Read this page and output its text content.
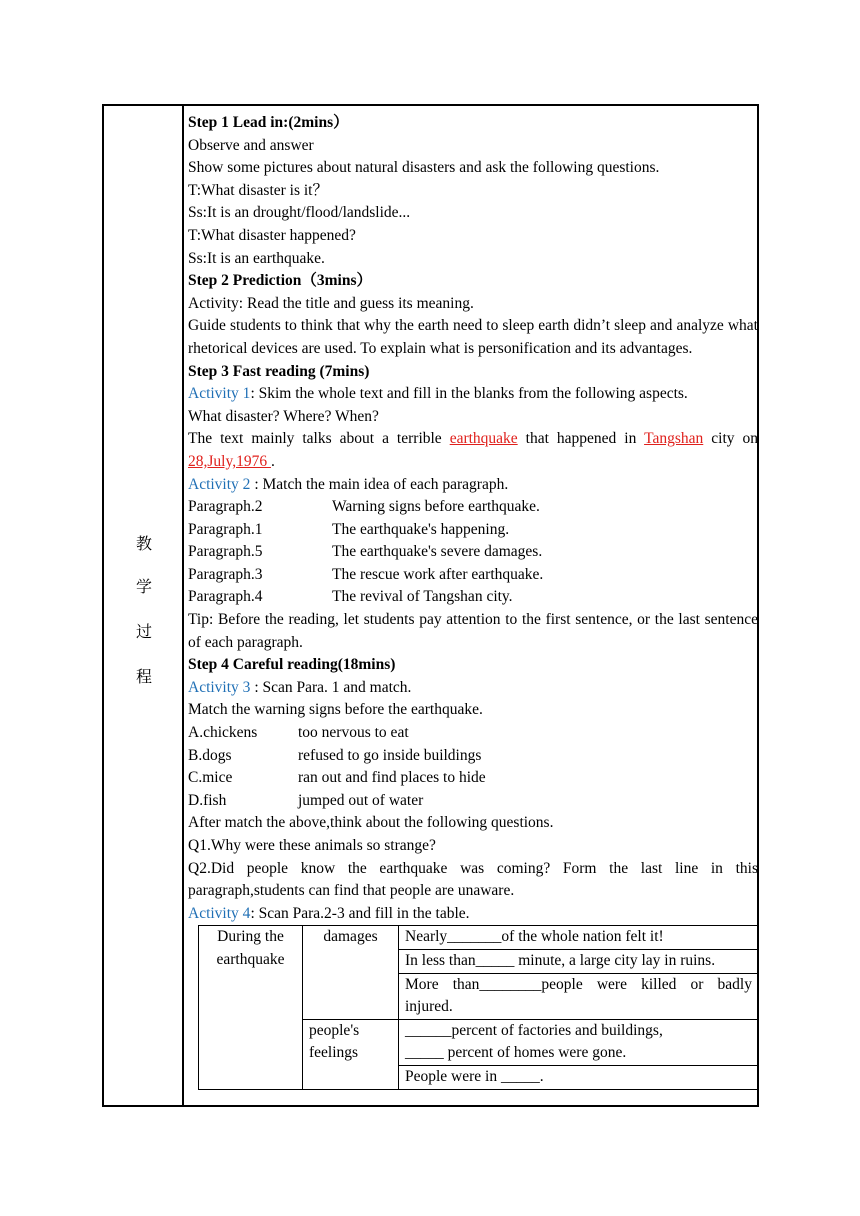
教
学
过
程

Step 1 Lead in:(2mins）

Observe and answer

Show some pictures about natural disasters and ask the following questions.

T:What disaster is it？

Ss:It is an drought/flood/landslide...

T:What disaster happened?

Ss:It is an earthquake.

Step 2 Prediction（3mins）

Activity: Read the title and guess its meaning.

Guide students to think that why the earth need to sleep earth didn’t sleep and analyze what rhetorical devices are used. To explain what is personification and its advantages.

Step 3 Fast reading (7mins)

Activity 1: Skim the whole text and fill in the blanks from the following aspects.

What disaster? Where? When?

The text mainly talks about a terrible earthquake that happened in Tangshan city on 28,July,1976 .

Activity 2 : Match the main idea of each paragraph.

Paragraph.2	Warning signs before earthquake.
Paragraph.1	The earthquake's happening.
Paragraph.5	The earthquake's severe damages.
Paragraph.3	The rescue work after earthquake.
Paragraph.4	The revival of Tangshan city.

Tip: Before the reading, let students pay attention to the first sentence, or the last sentence of each paragraph.

Step 4 Careful reading(18mins)

Activity 3 : Scan Para. 1 and match.

Match the warning signs before the earthquake.

A.chickens	too nervous to eat
B.dogs	refused to go inside buildings
C.mice	ran out and find places to hide
D.fish	jumped out of water

After match the above,think about the following questions.

Q1.Why were these animals so strange?

Q2.Did people know the earthquake was coming? Form the last line in this paragraph,students can find that people are unaware.

Activity 4: Scan Para.2-3 and fill in the table.

During the earthquake	damages	Nearly_______of the whole nation felt it!
		In less than_____ minute, a large city lay in ruins.
		More than________people were killed or badly injured.
	people's feelings	______percent of factories and buildings,
_____ percent of homes were gone.

		People were in _____.
